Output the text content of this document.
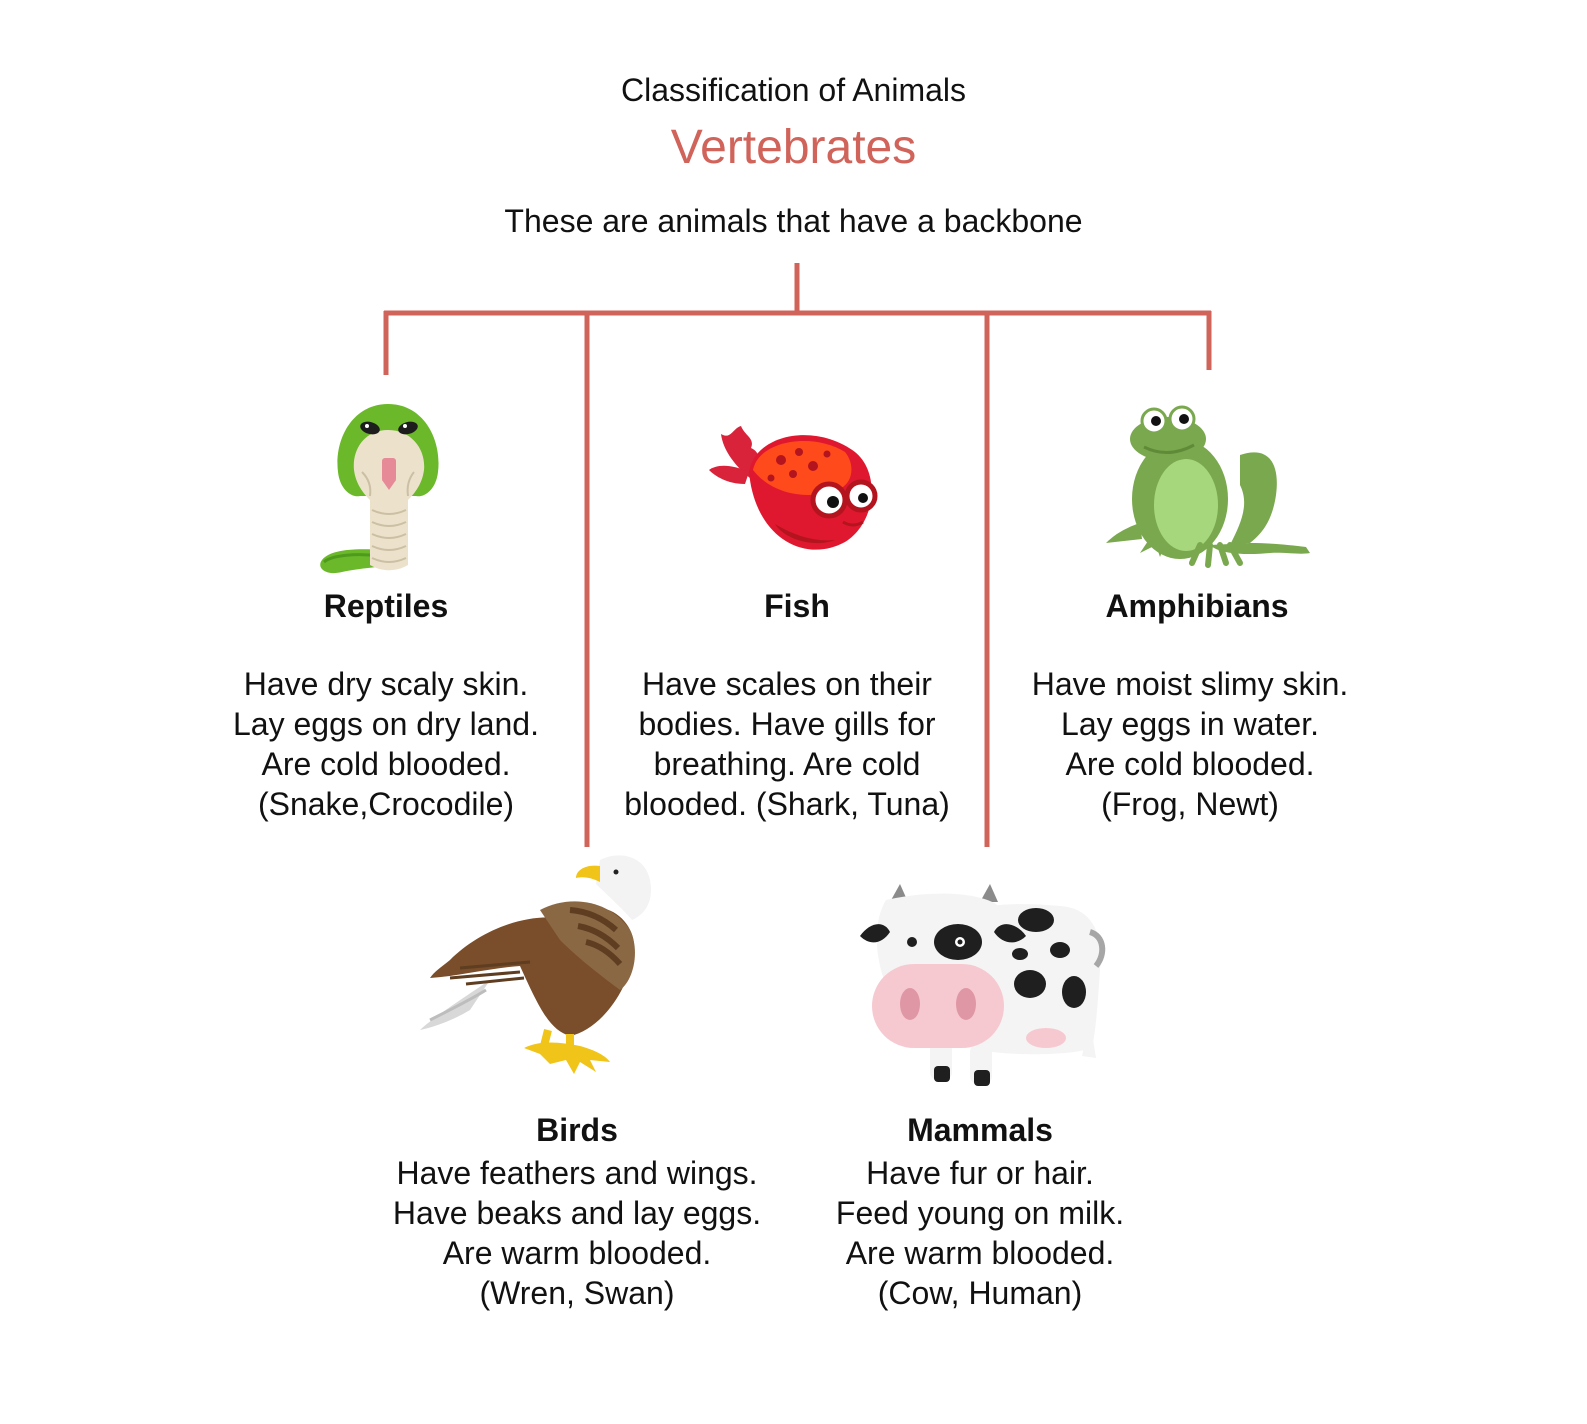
Classification of Animals
Vertebrates
These are animals that have a backbone
Reptiles
Have dry scaly skin.
Lay eggs on dry land.
Are cold blooded.
(Snake,Crocodile)
Fish
Have scales on their
bodies. Have gills for
breathing. Are cold
blooded. (Shark, Tuna)
Amphibians
Have moist slimy skin.
Lay eggs in water.
Are cold blooded.
(Frog, Newt)
Birds
Have feathers and wings.
Have beaks and lay eggs.
Are warm blooded.
(Wren, Swan)
Mammals
Have fur or hair.
Feed young on milk.
Are warm blooded.
(Cow, Human)
